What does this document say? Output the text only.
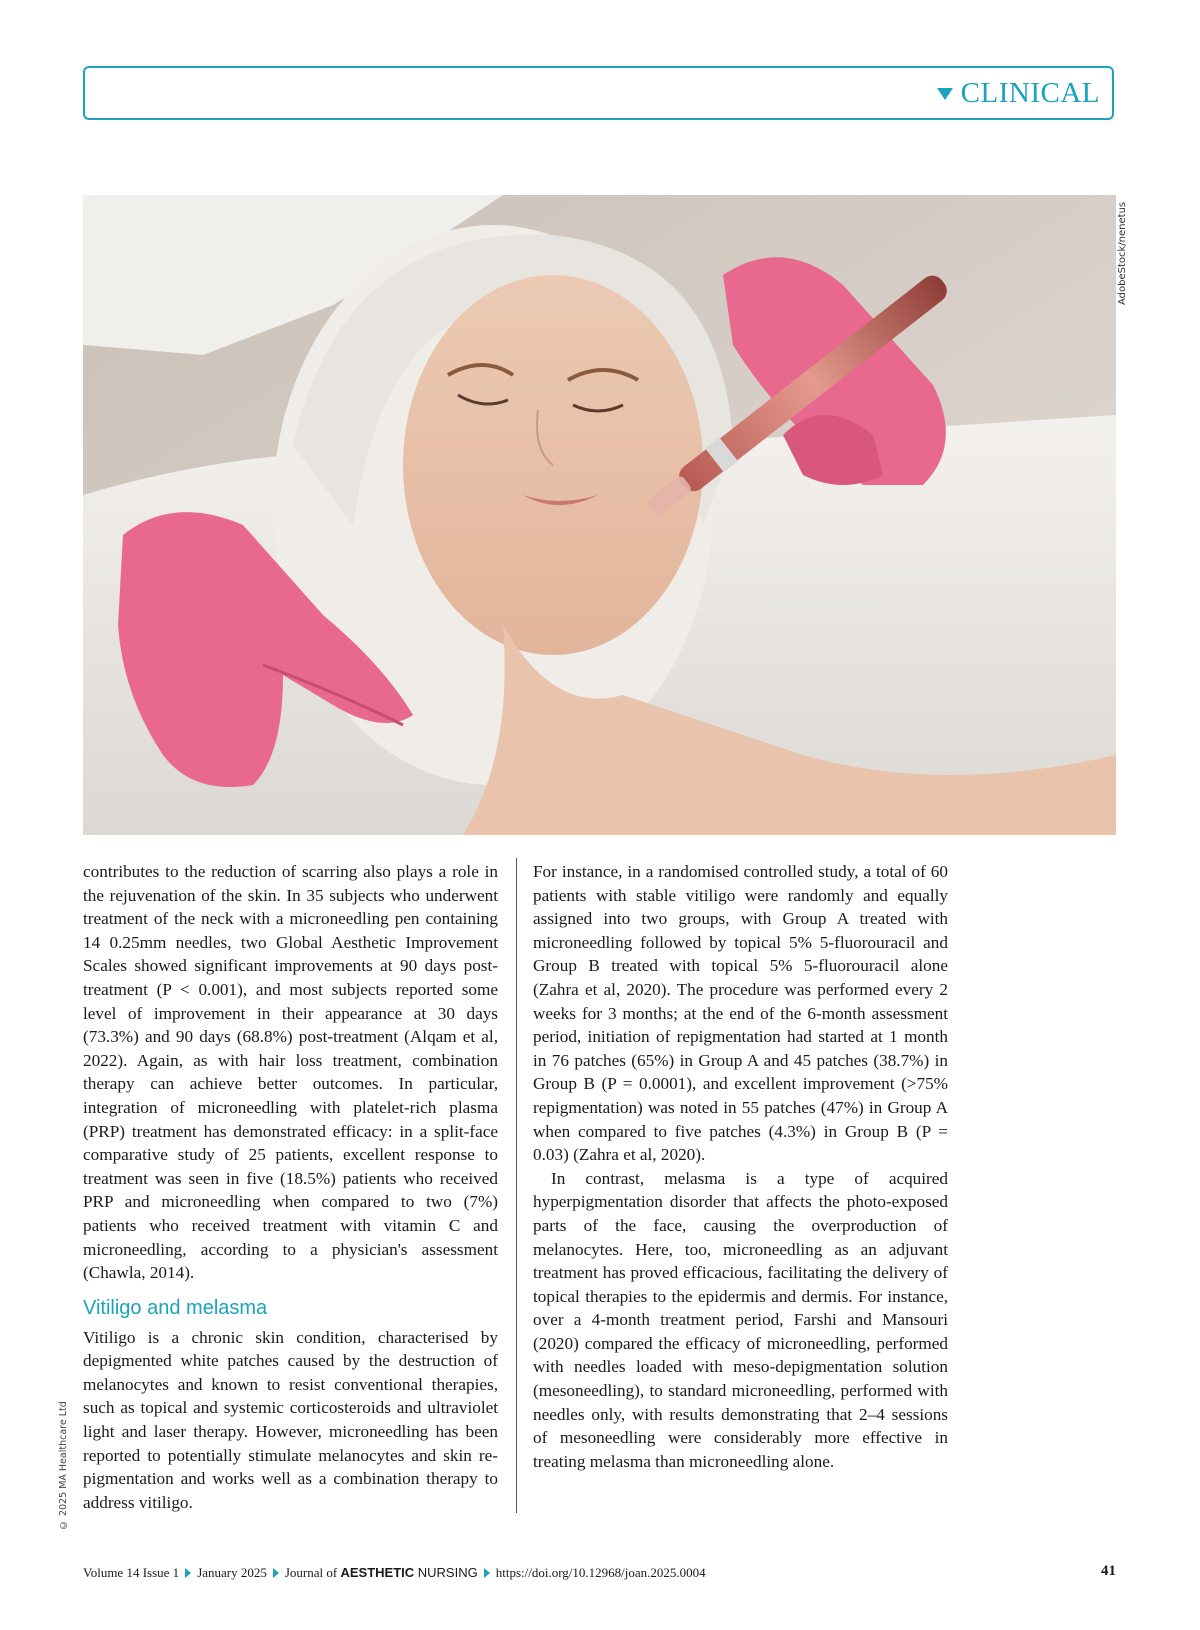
CLINICAL
AdobeStock/nenetus
© 2025 MA Healthcare Ltd

contributes to the reduction of scarring also plays a role in the rejuvenation of the skin. In 35 subjects who underwent treatment of the neck with a microneedling pen containing 14 0.25mm needles, two Global Aesthetic Improvement Scales showed significant improvements at 90 days post-treatment (P < 0.001), and most subjects reported some level of improvement in their appearance at 30 days (73.3%) and 90 days (68.8%) post-treatment (Alqam et al, 2022). Again, as with hair loss treatment, combination therapy can achieve better outcomes. In particular, integration of microneedling with platelet-rich plasma (PRP) treatment has demonstrated efficacy: in a split-face comparative study of 25 patients, excellent response to treatment was seen in five (18.5%) patients who received PRP and microneedling when compared to two (7%) patients who received treatment with vitamin C and microneedling, according to a physician's assessment (Chawla, 2014).

Vitiligo and melasma

Vitiligo is a chronic skin condition, characterised by depigmented white patches caused by the destruction of melanocytes and known to resist conventional therapies, such as topical and systemic corticosteroids and ultraviolet light and laser therapy. However, microneedling has been reported to potentially stimulate melanocytes and skin re-pigmentation and works well as a combination therapy to address vitiligo.

For instance, in a randomised controlled study, a total of 60 patients with stable vitiligo were randomly and equally assigned into two groups, with Group A treated with microneedling followed by topical 5% 5-fluorouracil and Group B treated with topical 5% 5-fluorouracil alone (Zahra et al, 2020). The procedure was performed every 2 weeks for 3 months; at the end of the 6-month assessment period, initiation of repigmentation had started at 1 month in 76 patches (65%) in Group A and 45 patches (38.7%) in Group B (P = 0.0001), and excellent improvement (>75% repigmentation) was noted in 55 patches (47%) in Group A when compared to five patches (4.3%) in Group B (P = 0.03) (Zahra et al, 2020).

In contrast, melasma is a type of acquired hyperpigmentation disorder that affects the photo-exposed parts of the face, causing the overproduction of melanocytes. Here, too, microneedling as an adjuvant treatment has proved efficacious, facilitating the delivery of topical therapies to the epidermis and dermis. For instance, over a 4-month treatment period, Farshi and Mansouri (2020) compared the efficacy of microneedling, performed with needles loaded with meso-depigmentation solution (mesoneedling), to standard microneedling, performed with needles only, with results demonstrating that 2–4 sessions of mesoneedling were considerably more effective in treating melasma than microneedling alone.

Volume 14 Issue 1 January 2025 Journal of AESTHETIC NURSING https://doi.org/10.12968/joan.2025.0004	41
